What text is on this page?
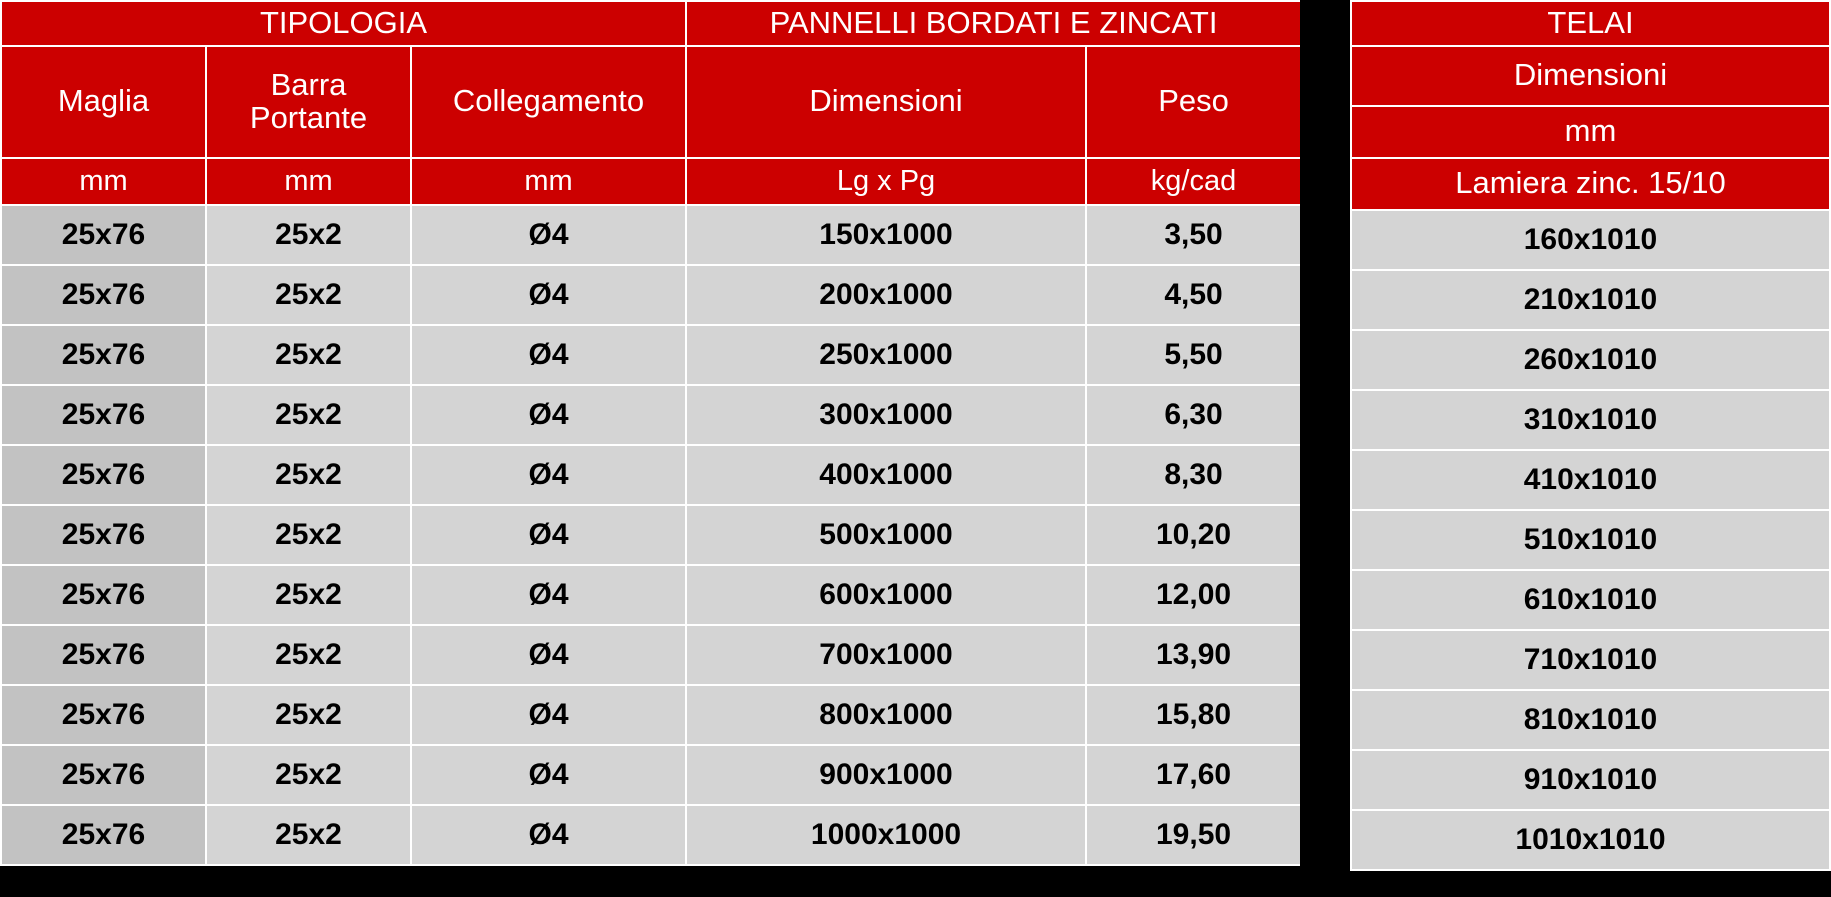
TIPOLOGIA			PANNELLI BORDATI E ZINCATI	
Maglia	Barra Portante	Collegamento	Dimensioni	Peso
mm	mm	mm	Lg x Pg	kg/cad
25x76	25x2	Ø4	150x1000	3,50
25x76	25x2	Ø4	200x1000	4,50
25x76	25x2	Ø4	250x1000	5,50
25x76	25x2	Ø4	300x1000	6,30
25x76	25x2	Ø4	400x1000	8,30
25x76	25x2	Ø4	500x1000	10,20
25x76	25x2	Ø4	600x1000	12,00
25x76	25x2	Ø4	700x1000	13,90
25x76	25x2	Ø4	800x1000	15,80
25x76	25x2	Ø4	900x1000	17,60
25x76	25x2	Ø4	1000x1000	19,50
TELAI
Dimensioni
mm
Lamiera zinc. 15/10
160x1010
210x1010
260x1010
310x1010
410x1010
510x1010
610x1010
710x1010
810x1010
910x1010
1010x1010
